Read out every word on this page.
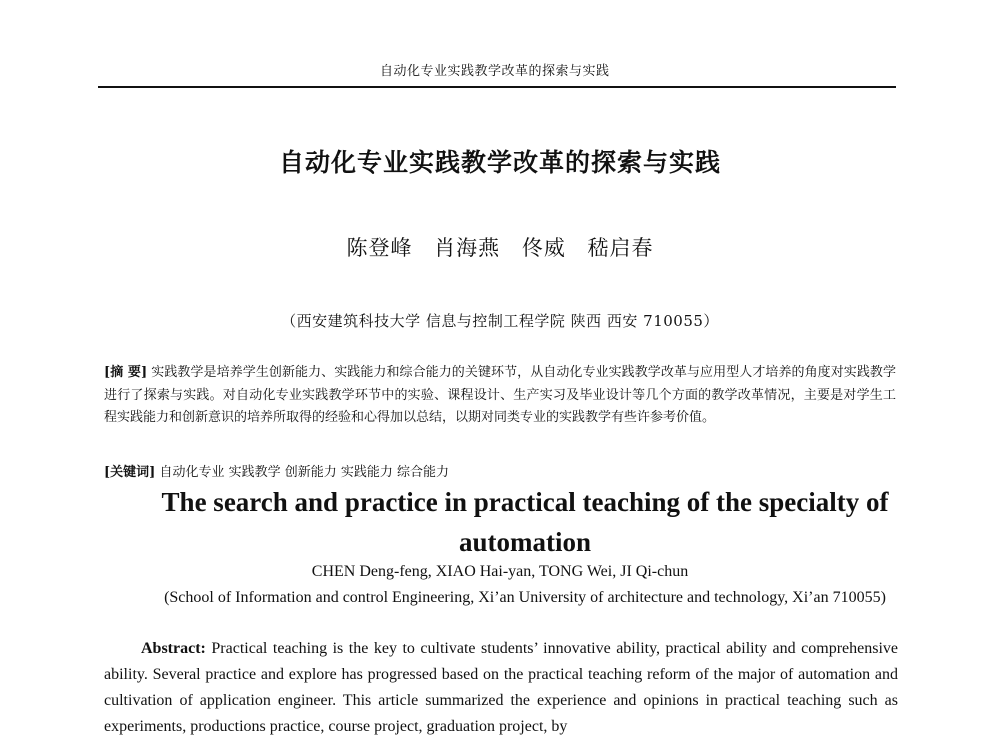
自动化专业实践教学改革的探索与实践
自动化专业实践教学改革的探索与实践
陈登峰 肖海燕 佟威 嵇启春
（西安建筑科技大学 信息与控制工程学院 陕西 西安 710055）

[摘 要] 实践教学是培养学生创新能力、实践能力和综合能力的关键环节，从自动化专业实践教学改革与应用型人才培养的角度对实践教学进行了探索与实践。对自动化专业实践教学环节中的实验、课程设计、生产实习及毕业设计等几个方面的教学改革情况，主要是对学生工程实践能力和创新意识的培养所取得的经验和心得加以总结，以期对同类专业的实践教学有些许参考价值。

[关键词] 自动化专业 实践教学 创新能力 实践能力 综合能力
The search and practice in practical teaching of the specialty of automation
CHEN Deng-feng, XIAO Hai-yan, TONG Wei, JI Qi-chun
(School of Information and control Engineering, Xi’an University of architecture and technology, Xi’an 710055)

Abstract: Practical teaching is the key to cultivate students’ innovative ability, practical ability and comprehensive ability. Several practice and explore has progressed based on the practical teaching reform of the major of automation and cultivation of application engineer. This article summarized the experience and opinions in practical teaching such as experiments, productions practice, course project, graduation project, by
